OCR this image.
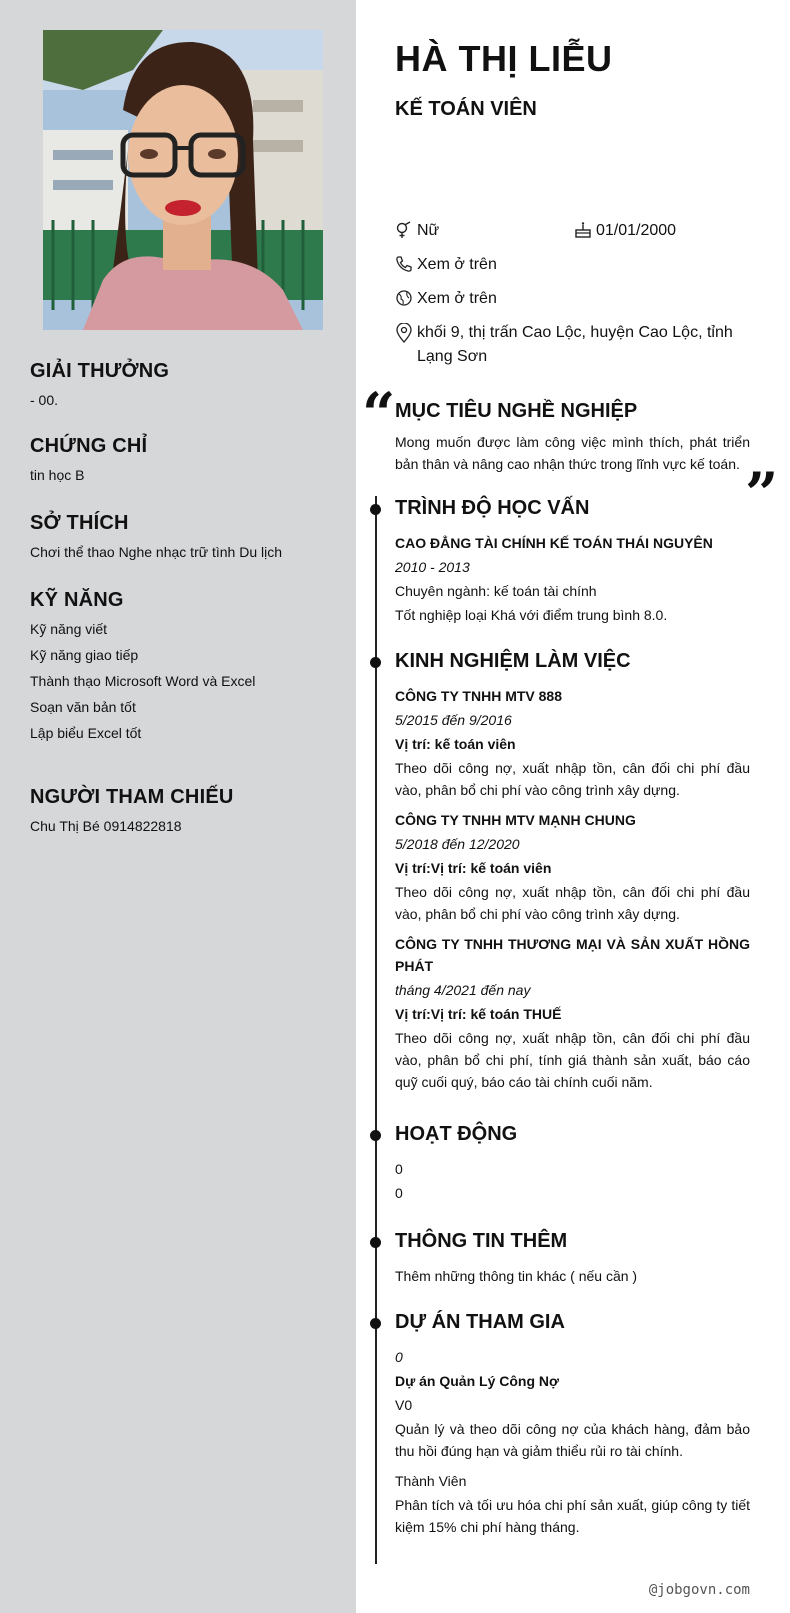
GIẢI THƯỞNG

- 00.

CHỨNG CHỈ

tin học B

SỞ THÍCH

Chơi thể thao Nghe nhạc trữ tình Du lịch

KỸ NĂNG

Kỹ năng viết

Kỹ năng giao tiếp

Thành thạo Microsoft Word và Excel

Soạn văn bản tốt

Lập biểu Excel tốt

NGƯỜI THAM CHIẾU

Chu Thị Bé 0914822818

HÀ THỊ LIỄU
KẾ TOÁN VIÊN
Nữ	01/01/2000
Xem ở trên
Xem ở trên
khối 9, thị trấn Cao Lộc, huyện Cao Lộc, tỉnh Lạng Sơn
“
”
MỤC TIÊU NGHỀ NGHIỆP

Mong muốn được làm công việc mình thích, phát triển bản thân và nâng cao nhận thức trong lĩnh vực kế toán.

TRÌNH ĐỘ HỌC VẤN

CAO ĐẲNG TÀI CHÍNH KẾ TOÁN THÁI NGUYÊN

2010 - 2013

Chuyên ngành: kế toán tài chính

Tốt nghiệp loại Khá với điểm trung bình 8.0.

KINH NGHIỆM LÀM VIỆC

CÔNG TY TNHH MTV 888

5/2015 đến 9/2016

Vị trí: kế toán viên

Theo dõi công nợ, xuất nhập tồn, cân đối chi phí đầu vào, phân bổ chi phí vào công trình xây dựng.

CÔNG TY TNHH MTV MẠNH CHUNG

5/2018 đến 12/2020

Vị trí:Vị trí: kế toán viên

Theo dõi công nợ, xuất nhập tồn, cân đối chi phí đầu vào, phân bổ chi phí vào công trình xây dựng.

CÔNG TY TNHH THƯƠNG MẠI VÀ SẢN XUẤT HỒNG PHÁT

tháng 4/2021 đến nay

Vị trí:Vị trí: kế toán THUẾ

Theo dõi công nợ, xuất nhập tồn, cân đối chi phí đầu vào, phân bổ chi phí, tính giá thành sản xuất, báo cáo quỹ cuối quý, báo cáo tài chính cuối năm.

HOẠT ĐỘNG

0

0

THÔNG TIN THÊM

Thêm những thông tin khác ( nếu cần )

DỰ ÁN THAM GIA

0

Dự án Quản Lý Công Nợ

V0

Quản lý và theo dõi công nợ của khách hàng, đảm bảo thu hồi đúng hạn và giảm thiểu rủi ro tài chính.

Thành Viên

Phân tích và tối ưu hóa chi phí sản xuất, giúp công ty tiết kiệm 15% chi phí hàng tháng.

@jobgovn.com
